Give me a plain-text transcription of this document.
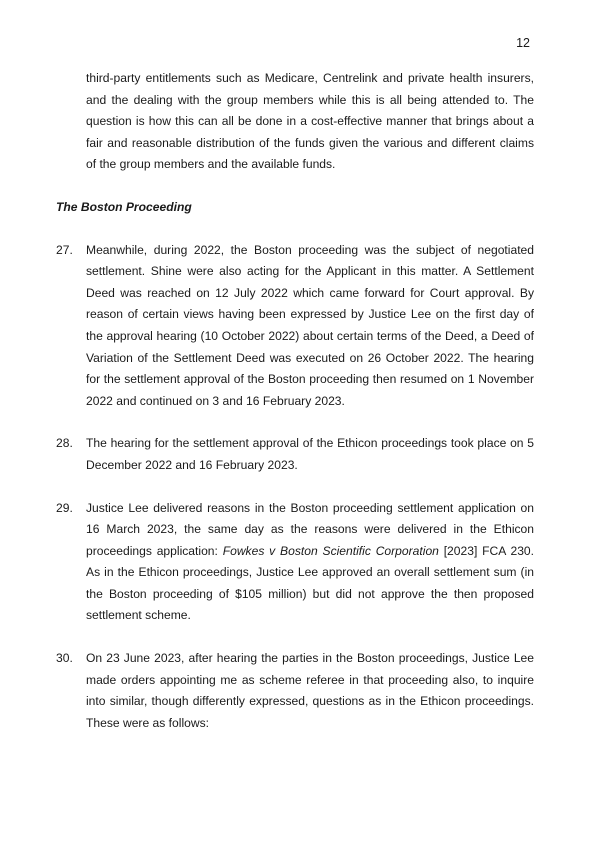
12

third-party entitlements such as Medicare, Centrelink and private health insurers, and the dealing with the group members while this is all being attended to. The question is how this can all be done in a cost-effective manner that brings about a fair and reasonable distribution of the funds given the various and different claims of the group members and the available funds.

The Boston Proceeding
27.	Meanwhile, during 2022, the Boston proceeding was the subject of negotiated settlement. Shine were also acting for the Applicant in this matter. A Settlement Deed was reached on 12 July 2022 which came forward for Court approval. By reason of certain views having been expressed by Justice Lee on the first day of the approval hearing (10 October 2022) about certain terms of the Deed, a Deed of Variation of the Settlement Deed was executed on 26 October 2022. The hearing for the settlement approval of the Boston proceeding then resumed on 1 November 2022 and continued on 3 and 16 February 2023.
28.	The hearing for the settlement approval of the Ethicon proceedings took place on 5 December 2022 and 16 February 2023.
29.	Justice Lee delivered reasons in the Boston proceeding settlement application on 16 March 2023, the same day as the reasons were delivered in the Ethicon proceedings application: Fowkes v Boston Scientific Corporation [2023] FCA 230. As in the Ethicon proceedings, Justice Lee approved an overall settlement sum (in the Boston proceeding of $105 million) but did not approve the then proposed settlement scheme.
30.	On 23 June 2023, after hearing the parties in the Boston proceedings, Justice Lee made orders appointing me as scheme referee in that proceeding also, to inquire into similar, though differently expressed, questions as in the Ethicon proceedings. These were as follows:
